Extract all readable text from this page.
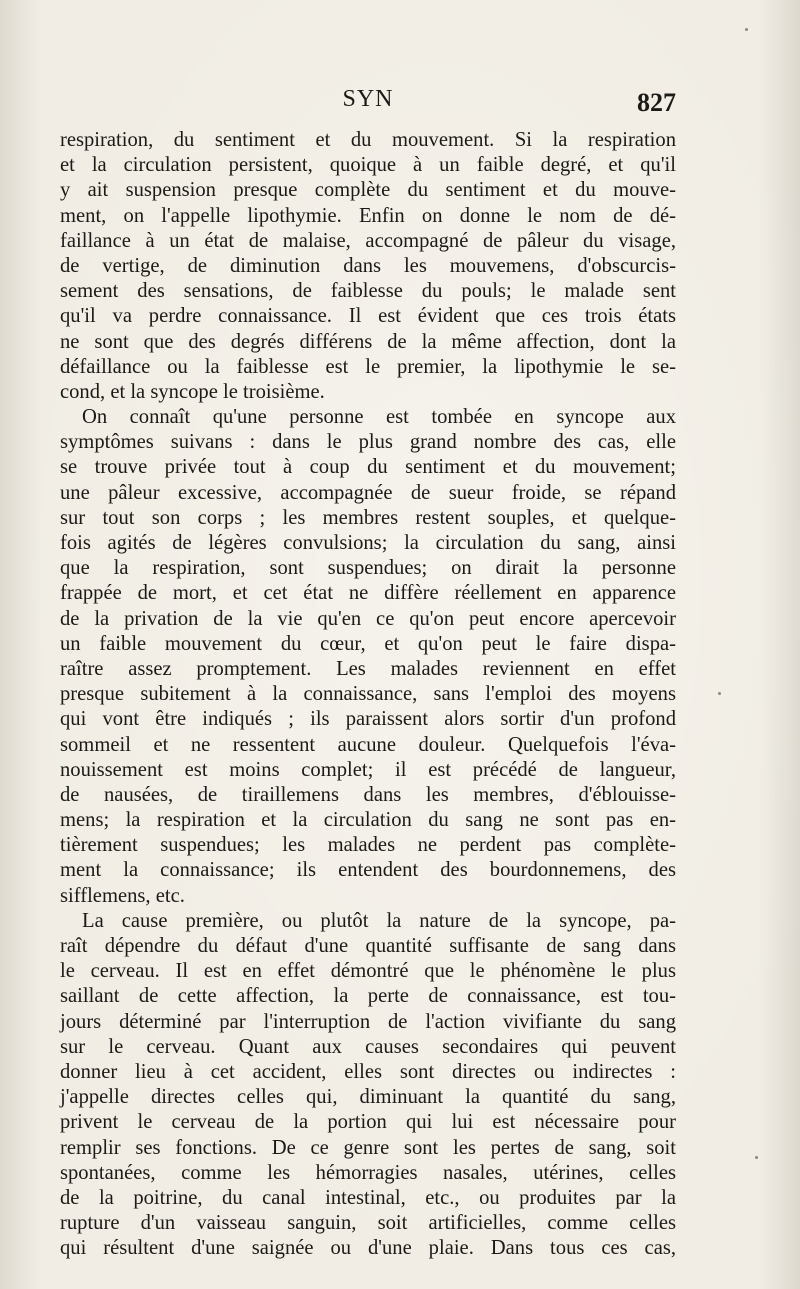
SYN	827
respiration, du sentiment et du mouvement. Si la respiration
et la circulation persistent, quoique à un faible degré, et qu'il
y ait suspension presque complète du sentiment et du mouve-
ment, on l'appelle lipothymie. Enfin on donne le nom de dé-
faillance à un état de malaise, accompagné de pâleur du visage,
de vertige, de diminution dans les mouvemens, d'obscurcis-
sement des sensations, de faiblesse du pouls; le malade sent
qu'il va perdre connaissance. Il est évident que ces trois états
ne sont que des degrés différens de la même affection, dont la
défaillance ou la faiblesse est le premier, la lipothymie le se-
cond, et la syncope le troisième.
On connaît qu'une personne est tombée en syncope aux
symptômes suivans : dans le plus grand nombre des cas, elle
se trouve privée tout à coup du sentiment et du mouvement;
une pâleur excessive, accompagnée de sueur froide, se répand
sur tout son corps ; les membres restent souples, et quelque-
fois agités de légères convulsions; la circulation du sang, ainsi
que la respiration, sont suspendues; on dirait la personne
frappée de mort, et cet état ne diffère réellement en apparence
de la privation de la vie qu'en ce qu'on peut encore apercevoir
un faible mouvement du cœur, et qu'on peut le faire dispa-
raître assez promptement. Les malades reviennent en effet
presque subitement à la connaissance, sans l'emploi des moyens
qui vont être indiqués ; ils paraissent alors sortir d'un profond
sommeil et ne ressentent aucune douleur. Quelquefois l'éva-
nouissement est moins complet; il est précédé de langueur,
de nausées, de tiraillemens dans les membres, d'éblouisse-
mens; la respiration et la circulation du sang ne sont pas en-
tièrement suspendues; les malades ne perdent pas complète-
ment la connaissance; ils entendent des bourdonnemens, des
sifflemens, etc.
La cause première, ou plutôt la nature de la syncope, pa-
raît dépendre du défaut d'une quantité suffisante de sang dans
le cerveau. Il est en effet démontré que le phénomène le plus
saillant de cette affection, la perte de connaissance, est tou-
jours déterminé par l'interruption de l'action vivifiante du sang
sur le cerveau. Quant aux causes secondaires qui peuvent
donner lieu à cet accident, elles sont directes ou indirectes :
j'appelle directes celles qui, diminuant la quantité du sang,
privent le cerveau de la portion qui lui est nécessaire pour
remplir ses fonctions. De ce genre sont les pertes de sang, soit
spontanées, comme les hémorragies nasales, utérines, celles
de la poitrine, du canal intestinal, etc., ou produites par la
rupture d'un vaisseau sanguin, soit artificielles, comme celles
qui résultent d'une saignée ou d'une plaie. Dans tous ces cas,
